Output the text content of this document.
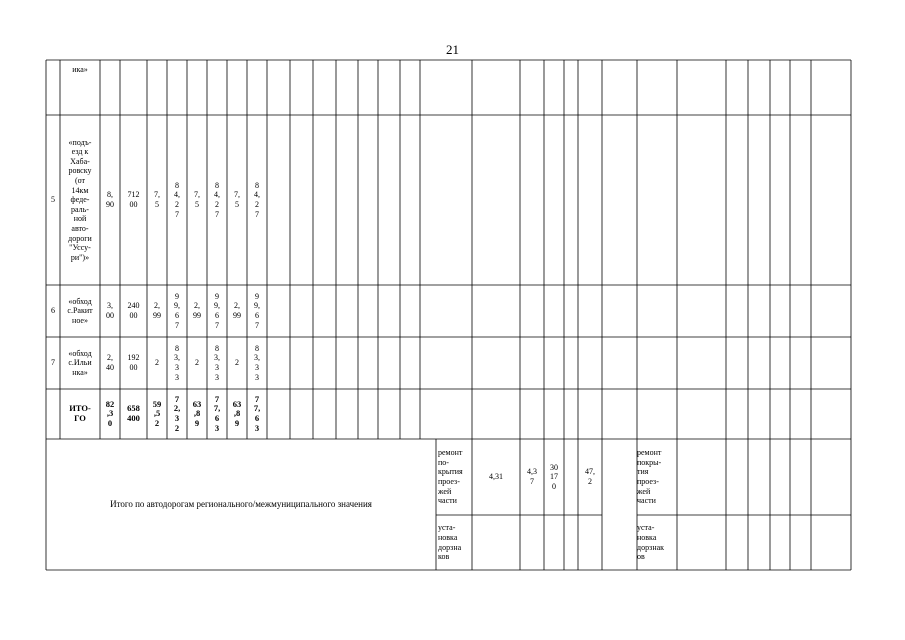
21
ика»
5
«подъ-
езд к
Хаба-
ровску
(от
14км
феде-
раль-
ной
авто-
дороги
"Уссу-
ри")»
8,
90
712
00
7,
5
8
4,
2
7
7,
5
8
4,
2
7
7,
5
8
4,
2
7
6
«обход
с.Ракит
ное»
3,
00
240
00
2,
99
9
9,
6
7
2,
99
9
9,
6
7
2,
99
9
9,
6
7
7
«обход
с.Ильи
нка»
2,
40
192
00
2
8
3,
3
3
2
8
3,
3
3
2
8
3,
3
3
ИТО-
ГО
82
,3
0
658
400
59
,5
2
7
2,
3
2
63
,8
9
7
7,
6
3
63
,8
9
7
7,
6
3
Итого по автодорогам регионального/межмуниципального значения
ремонт
по-
крытия
проез-
жей
части
уста-
новка
дорзна
ков
4,31
4,3
7
30
17
0
47,
2
ремонт
покры-
тия
проез-
жей
части
уста-
новка
дорзнак
ов
